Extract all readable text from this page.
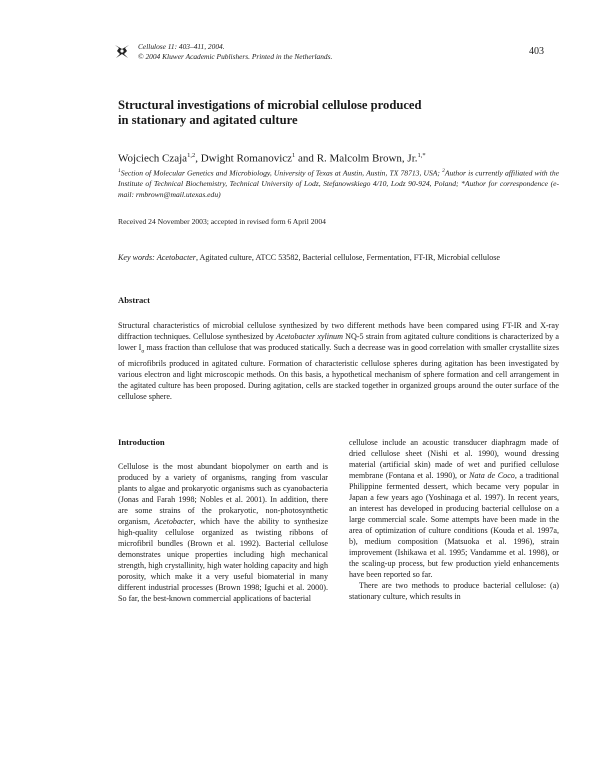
Cellulose 11: 403–411, 2004.
© 2004 Kluwer Academic Publishers. Printed in the Netherlands.	403
Structural investigations of microbial cellulose produced
in stationary and agitated culture
Wojciech Czaja$^{1,2}$, Dwight Romanovicz$^1$ and R. Malcolm Brown, Jr.$^{1,*}$
$^1$Section of Molecular Genetics and Microbiology, University of Texas at Austin, Austin, TX 78713, USA; $^2$Author is currently affiliated with the Institute of Technical Biochemistry, Technical University of Lodz, Stefanowskiego 4/10, Lodz 90-924, Poland; *Author for correspondence (e-mail: rmbrown@mail.utexas.edu)
Received 24 November 2003; accepted in revised form 6 April 2004
Key words: Acetobacter, Agitated culture, ATCC 53582, Bacterial cellulose, Fermentation, FT-IR, Microbial cellulose
Abstract
Structural characteristics of microbial cellulose synthesized by two different methods have been compared using FT-IR and X-ray diffraction techniques. Cellulose synthesized by Acetobacter xylinum NQ-5 strain from agitated culture conditions is characterized by a lower $I_\alpha$ mass fraction than cellulose that was produced statically. Such a decrease was in good correlation with smaller crystallite sizes of microfibrils produced in agitated culture. Formation of characteristic cellulose spheres during agitation has been investigated by various electron and light microscopic methods. On this basis, a hypothetical mechanism of sphere formation and cell arrangement in the agitated culture has been proposed. During agitation, cells are stacked together in organized groups around the outer surface of the cellulose sphere.
Introduction

Cellulose is the most abundant biopolymer on earth and is produced by a variety of organisms, ranging from vascular plants to algae and prokaryotic organisms such as cyanobacteria (Jonas and Farah 1998; Nobles et al. 2001). In addition, there are some strains of the prokaryotic, non-photosynthetic organism, Acetobacter, which have the ability to synthesize high-quality cellulose organized as twisting ribbons of microfibril bundles (Brown et al. 1992). Bacterial cellulose demonstrates unique properties including high mechanical strength, high crystallinity, high water holding capacity and high porosity, which make it a very useful biomaterial in many different industrial processes (Brown 1998; Iguchi et al. 2000). So far, the best-known commercial applications of bacterial

cellulose include an acoustic transducer diaphragm made of dried cellulose sheet (Nishi et al. 1990), wound dressing material (artificial skin) made of wet and purified cellulose membrane (Fontana et al. 1990), or Nata de Coco, a traditional Philippine fermented dessert, which became very popular in Japan a few years ago (Yoshinaga et al. 1997). In recent years, an interest has developed in producing bacterial cellulose on a large commercial scale. Some attempts have been made in the area of optimization of culture conditions (Kouda et al. 1997a, b), medium composition (Matsuoka et al. 1996), strain improvement (Ishikawa et al. 1995; Vandamme et al. 1998), or the scaling-up process, but few production yield enhancements have been reported so far.

There are two methods to produce bacterial cellulose: (a) stationary culture, which results in
